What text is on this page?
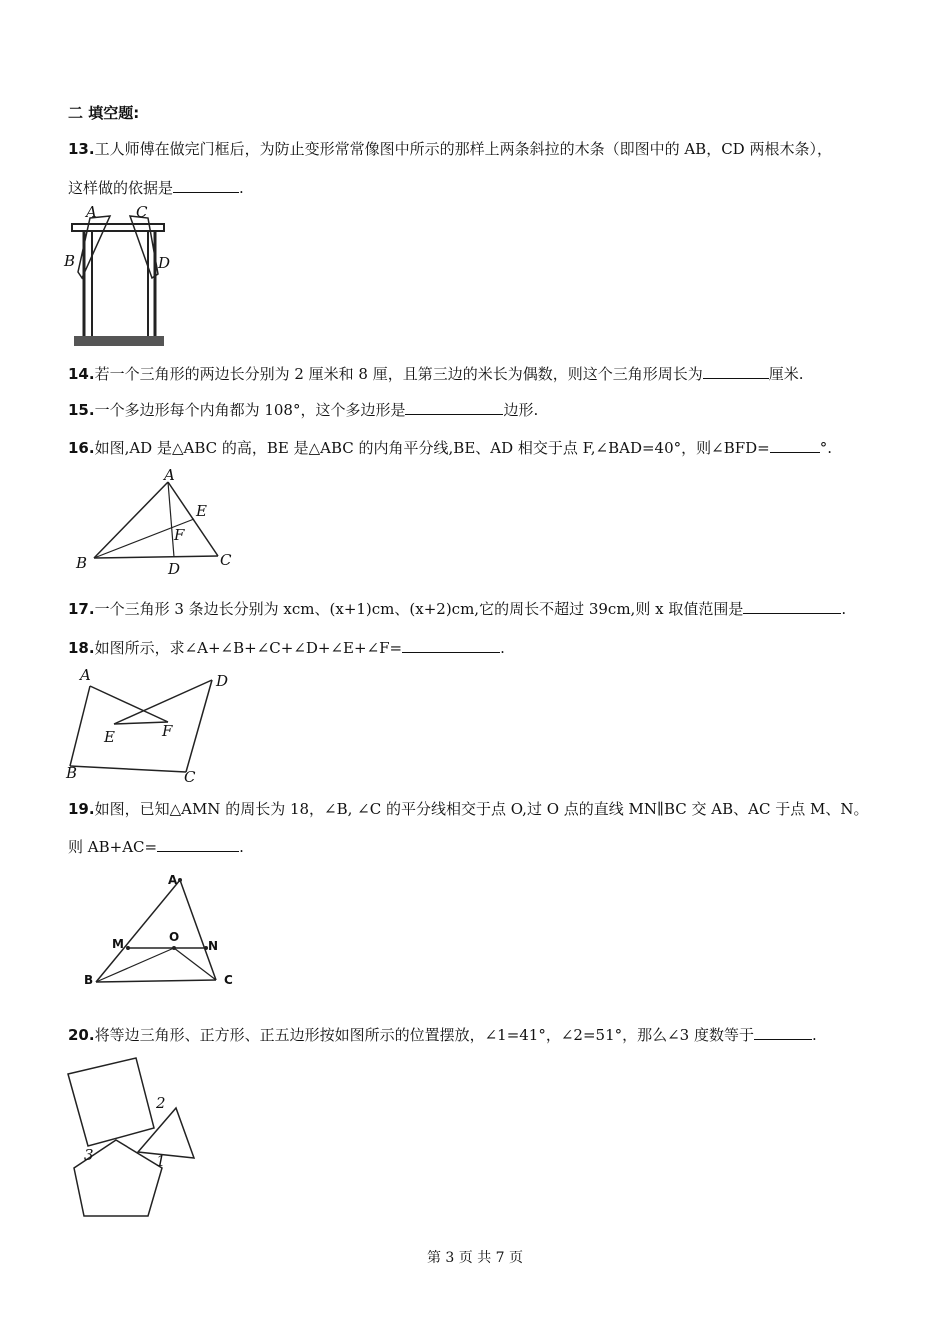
二 填空题:
13.工人师傅在做完门框后，为防止变形常常像图中所示的那样上两条斜拉的木条（即图中的 AB，CD 两根木条），
这样做的依据是	.
A	C
B	D
14.若一个三角形的两边长分别为 2 厘米和 8 厘，且第三边的米长为偶数，则这个三角形周长为	厘米.
15.一个多边形每个内角都为 108°，这个多边形是	边形.
16.如图,AD 是△ABC 的高，BE 是△ABC 的内角平分线,BE、AD 相交于点 F,∠BAD=40°，则∠BFD=	°.
A
E
F
B	D	C
17.一个三角形 3 条边长分别为 xcm、(x+1)cm、(x+2)cm,它的周长不超过 39cm,则 x 取值范围是	.
18.如图所示，求∠A+∠B+∠C+∠D+∠E+∠F=	.
A	D
E	F
B	C
19.如图，已知△AMN 的周长为 18，∠B, ∠C 的平分线相交于点 O,过 O 点的直线 MN∥BC 交 AB、AC 于点 M、N。
则 AB+AC=	.
A
M	O
N
B	C
20.将等边三角形、正方形、正五边形按如图所示的位置摆放，∠1=41°，∠2=51°，那么∠3 度数等于	.
2
3	1
第 3 页 共 7 页
